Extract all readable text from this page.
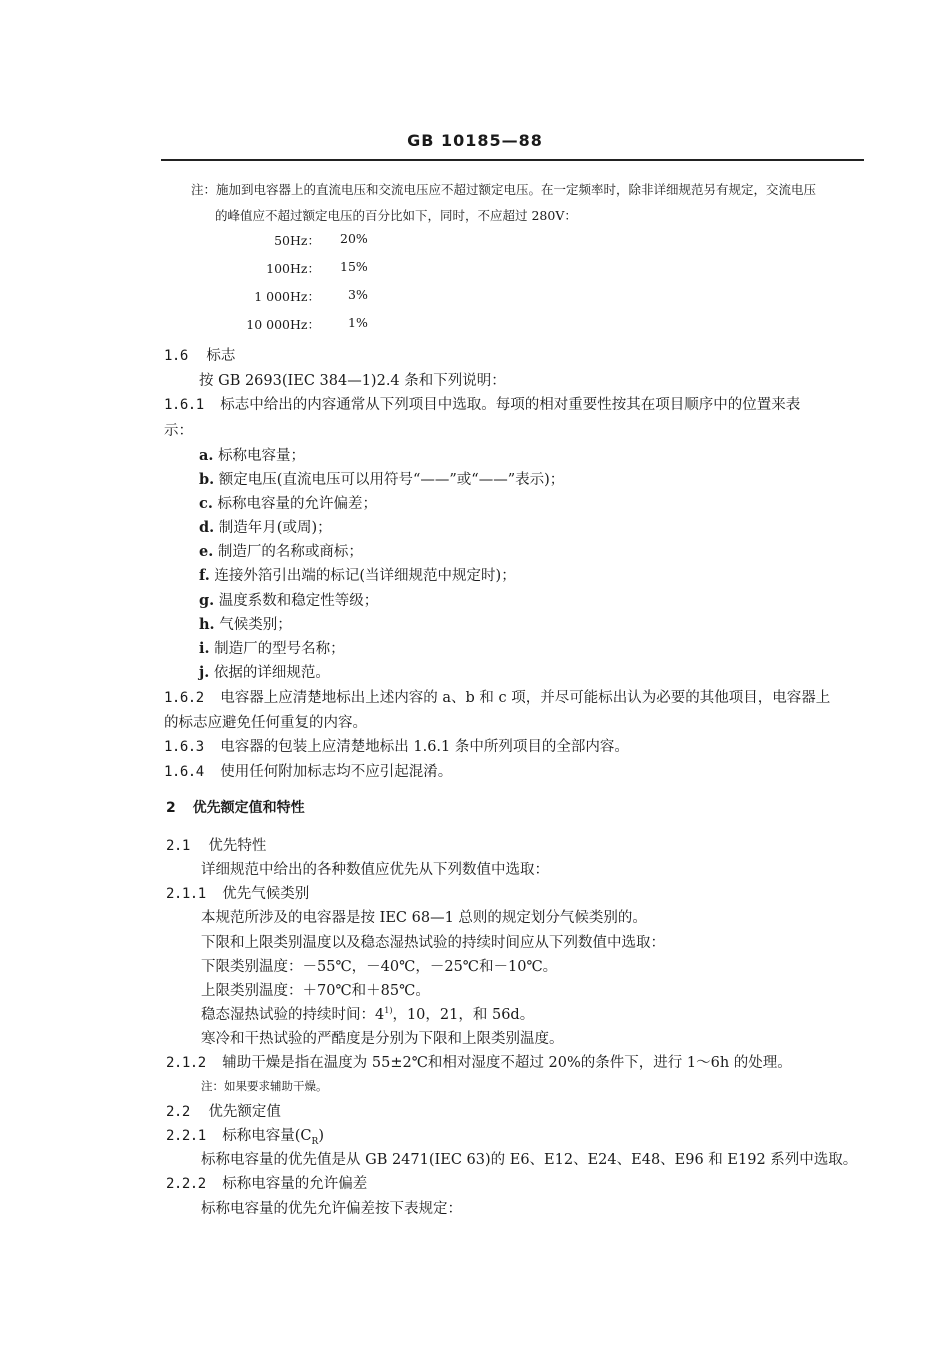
GB 10185—88
注：施加到电容器上的直流电压和交流电压应不超过额定电压。在一定频率时，除非详细规范另有规定，交流电压
的峰值应不超过额定电压的百分比如下，同时，不应超过 280V：
50Hz： 20%
100Hz： 15%
1 000Hz： 3%
10 000Hz： 1%
1.6 标志
按 GB 2693(IEC 384—1)2.4 条和下列说明：
1.6.1 标志中给出的内容通常从下列项目中选取。每项的相对重要性按其在项目顺序中的位置来表
示：
a. 标称电容量；
b. 额定电压(直流电压可以用符号“——”或“——”表示)；
c. 标称电容量的允许偏差；
d. 制造年月(或周)；
e. 制造厂的名称或商标；
f. 连接外箔引出端的标记(当详细规范中规定时)；
g. 温度系数和稳定性等级；
h. 气候类别；
i. 制造厂的型号名称；
j. 依据的详细规范。
1.6.2 电容器上应清楚地标出上述内容的 a、b 和 c 项，并尽可能标出认为必要的其他项目，电容器上
的标志应避免任何重复的内容。
1.6.3 电容器的包装上应清楚地标出 1.6.1 条中所列项目的全部内容。
1.6.4 使用任何附加标志均不应引起混淆。
2 优先额定值和特性
2.1 优先特性
详细规范中给出的各种数值应优先从下列数值中选取：
2.1.1 优先气候类别
本规范所涉及的电容器是按 IEC 68—1 总则的规定划分气候类别的。
下限和上限类别温度以及稳态湿热试验的持续时间应从下列数值中选取：
下限类别温度：－55℃，－40℃，－25℃和－10℃。
上限类别温度：＋70℃和＋85℃。
稳态湿热试验的持续时间：4$^{1)}$，10，21，和 56d。
寒冷和干热试验的严酷度是分别为下限和上限类别温度。
2.1.2 辅助干燥是指在温度为 55±2℃和相对湿度不超过 20%的条件下，进行 1～6h 的处理。
注：如果要求辅助干燥。
2.2 优先额定值
2.2.1 标称电容量$(C_R)$
标称电容量的优先值是从 GB 2471(IEC 63)的 E6、E12、E24、E48、E96 和 E192 系列中选取。
2.2.2 标称电容量的允许偏差
标称电容量的优先允许偏差按下表规定：
